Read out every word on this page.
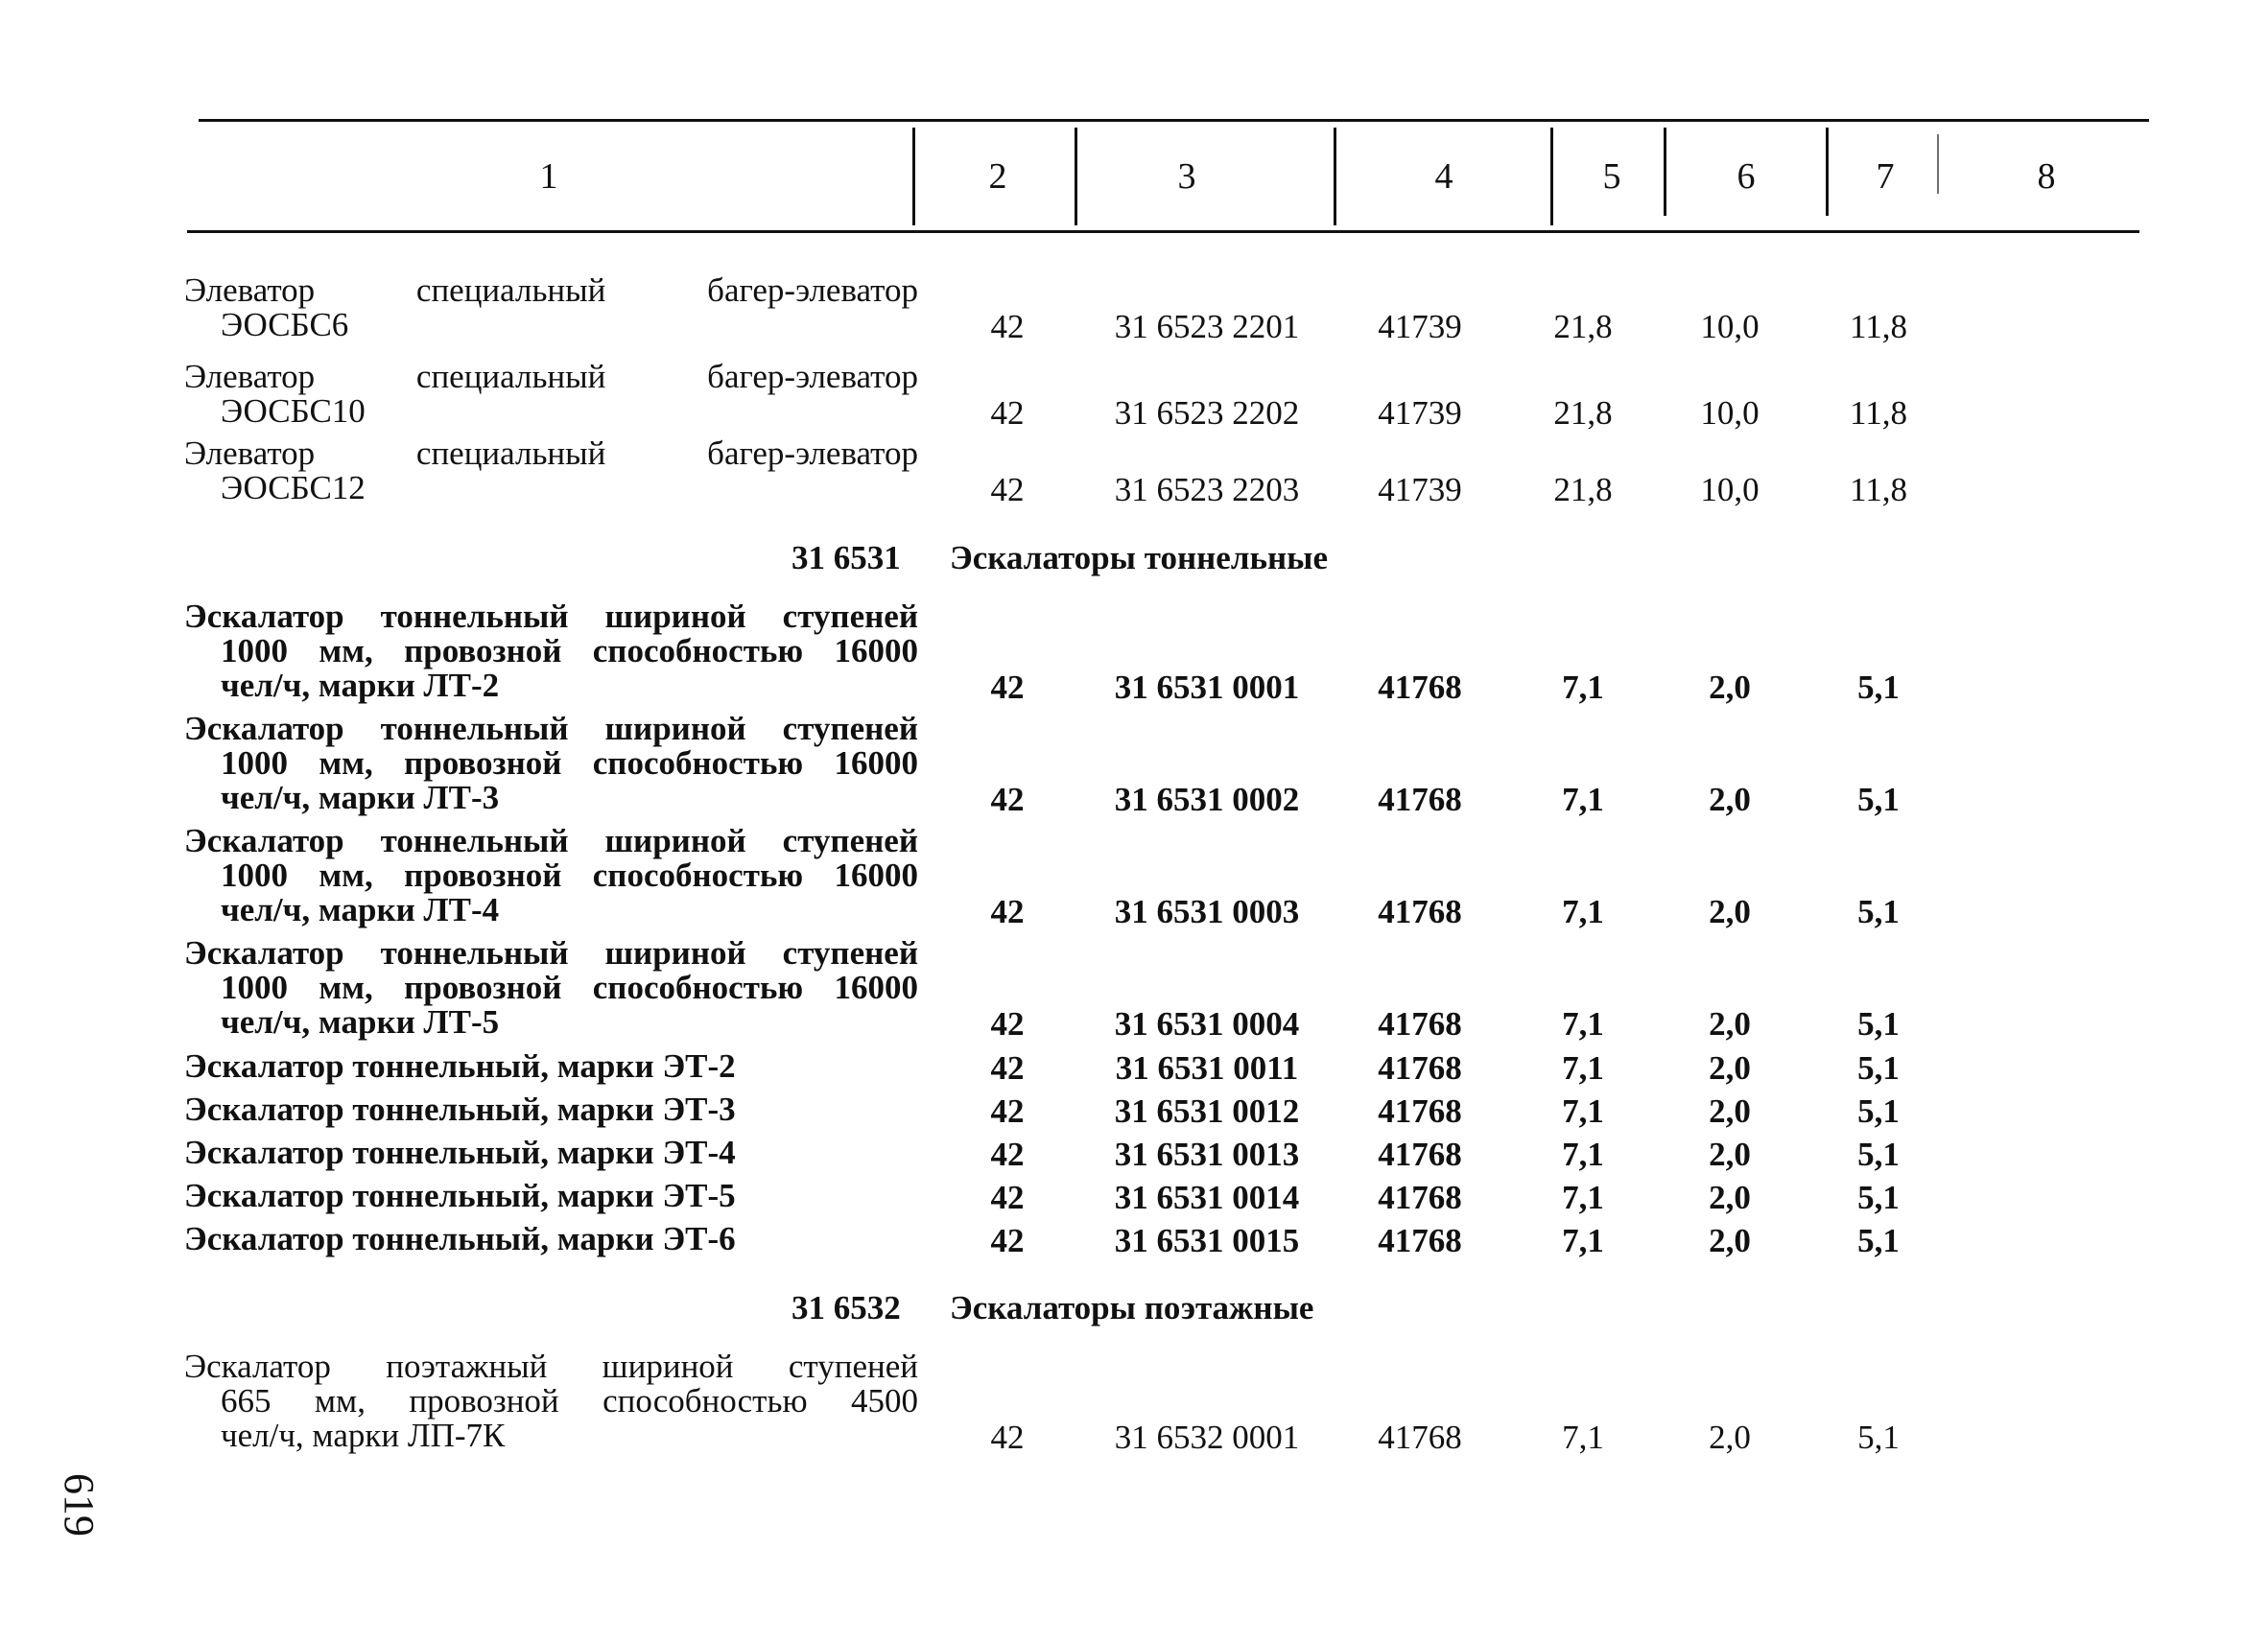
1	2	3	4	5	6	7	8
Элеватор специальный багер-элеватор
ЭОСБС6	42	31 6523 2201 41739	21,8	10,0	11,8
Элеватор специальный багер-элеватор
ЭОСБС10	42	31 6523 2202 41739	21,8	10,0	11,8
Элеватор специальный багер-элеватор
ЭОСБС12	42	31 6523 2203 41739	21,8	10,0	11,8
31 6531 Эскалаторы тоннельные
Эскалатор тоннельный шириной ступеней
1000 мм, провозной способностью 16000
чел/ч, марки ЛТ-2	42	31 6531 0001 41768	7,1	2,0	5,1
Эскалатор тоннельный шириной ступеней
1000 мм, провозной способностью 16000
чел/ч, марки ЛТ-3	42	31 6531 0002 41768	7,1	2,0	5,1
Эскалатор тоннельный шириной ступеней
1000 мм, провозной способностью 16000
чел/ч, марки ЛТ-4	42	31 6531 0003 41768	7,1	2,0	5,1
Эскалатор тоннельный шириной ступеней
1000 мм, провозной способностью 16000
чел/ч, марки ЛТ-5	42	31 6531 0004 41768	7,1	2,0	5,1
Эскалатор тоннельный, марки ЭТ-2	42	31 6531 0011 41768	7,1	2,0	5,1
Эскалатор тоннельный, марки ЭТ-3	42	31 6531 0012 41768	7,1	2,0	5,1
Эскалатор тоннельный, марки ЭТ-4	42	31 6531 0013 41768	7,1	2,0	5,1
Эскалатор тоннельный, марки ЭТ-5	42	31 6531 0014 41768	7,1	2,0	5,1
Эскалатор тоннельный, марки ЭТ-6	42	31 6531 0015 41768	7,1	2,0	5,1
31 6532 Эскалаторы поэтажные
Эскалатор поэтажный шириной ступеней
665 мм, провозной способностью 4500
чел/ч, марки ЛП-7К	42	31 6532 0001 41768	7,1	2,0	5,1
619
